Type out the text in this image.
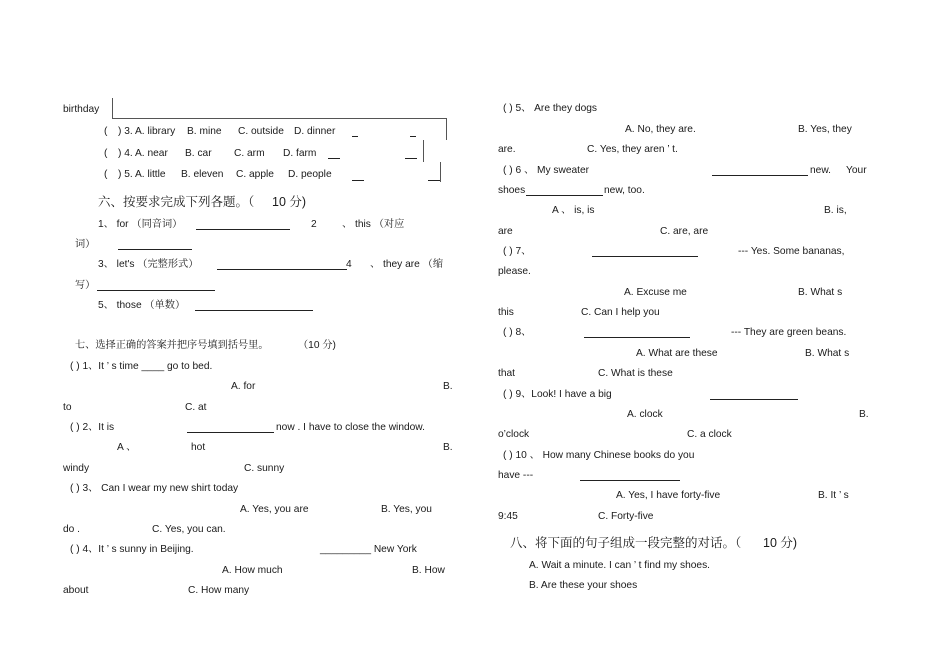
birthday
( ) 3. A. library B. mine C. outside D. dinner
( ) 4. A. near B. car C. arm D. farm
( ) 5. A. little B. eleven C. apple D. people
六、按要求完成下列各题。（ 10 分)
1、 for （同音词）	2 、 this （对应
词）
3、 let's （完整形式）	4 、 they are （缩
写）
5、 those （单数）
七、选择正确的答案并把序号填到括号里。	（10 分)
( ) 1、It ’ s time ____ go to bed.
A. for	B.
to	C. at
( ) 2、It is	now . I have to close the window.
A 、	hot	B.
windy	C. sunny
( ) 3、 Can I wear my new shirt today
A. Yes, you are	B. Yes, you
do .	C. Yes, you can.
( ) 4、It ’ s sunny in Beijing.	_________ New York
A. How much	B. How
about	C. How many
( ) 5、 Are they dogs
A. No, they are.	B. Yes, they
are.	C. Yes, they aren ’ t.
( ) 6 、 My sweater	new. Your
shoes	new, too.
A 、 is, is	B. is,
are	C. are, are
( ) 7、	--- Yes. Some bananas,
please.
A. Excuse me	B. What s
this	C. Can I help you
( ) 8、	--- They are green beans.
A. What are these	B. What s
that	C. What is these
( ) 9、Look! I have a big
A. clock	B.
o’clock	C. a clock
( ) 10 、 How many Chinese books do you
have ---
A. Yes, I have forty-five	B. It ’ s
9:45	C. Forty-five
八、将下面的句子组成一段完整的对话。（ 10 分)
A. Wait a minute. I can ’ t find my shoes.
B. Are these your shoes
